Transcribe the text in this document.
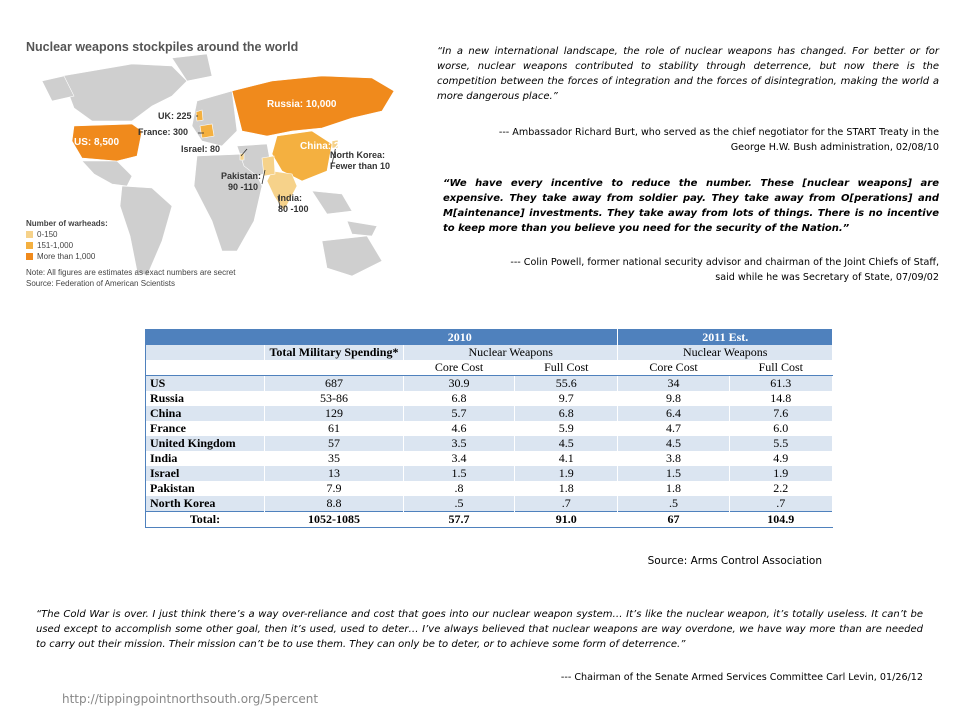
Nuclear weapons stockpiles around the world
Russia: 10,000
UK: 225
France: 300
US: 8,500
Israel: 80	China: 240
North Korea:
Fewer than 10
Pakistan:
90 -110
India:
80 -100
Number of warheads:
0-150
151-1,000
More than 1,000
Note: All figures are estimates as exact numbers are secret
Source: Federation of American Scientists
“In a new international landscape, the role of nuclear weapons has changed. For better or for worse, nuclear weapons contributed to stability through deterrence, but now there is the competition between the forces of integration and the forces of disintegration, making the world a more dangerous place.”
--- Ambassador Richard Burt, who served as the chief negotiator for the START Treaty in the
George H.W. Bush administration, 02/08/10
“We have every incentive to reduce the number. These [nuclear weapons] are expensive. They take away from soldier pay. They take away from O[perations] and M[aintenance] investments. They take away from lots of things. There is no incentive to keep more than you believe you need for the security of the Nation.”
--- Colin Powell, former national security advisor and chairman of the Joint Chiefs of Staff,
said while he was Secretary of State, 07/09/02
2010				2011 Est.	
	Total Military Spending*	Nuclear Weapons		Nuclear Weapons	
		Core Cost	Full Cost	Core Cost	Full Cost
US	687	30.9	55.6	34	61.3
Russia	53-86	6.8	9.7	9.8	14.8
China	129	5.7	6.8	6.4	7.6
France	61	4.6	5.9	4.7	6.0
United Kingdom	57	3.5	4.5	4.5	5.5
India	35	3.4	4.1	3.8	4.9
Israel	13	1.5	1.9	1.5	1.9
Pakistan	7.9	.8	1.8	1.8	2.2
North Korea	8.8	.5	.7	.5	.7
Total:	1052-1085	57.7	91.0	67	104.9
Source: Arms Control Association
“The Cold War is over. I just think there’s a way over-reliance and cost that goes into our nuclear weapon system… It’s like the nuclear weapon, it’s totally useless. It can’t be used except to accomplish some other goal, then it’s used, used to deter… I’ve always believed that nuclear weapons are way overdone, we have way more than are needed to carry out their mission. Their mission can’t be to use them. They can only be to deter, or to achieve some form of deterrence.”
--- Chairman of the Senate Armed Services Committee Carl Levin, 01/26/12
http://tippingpointnorthsouth.org/5percent
